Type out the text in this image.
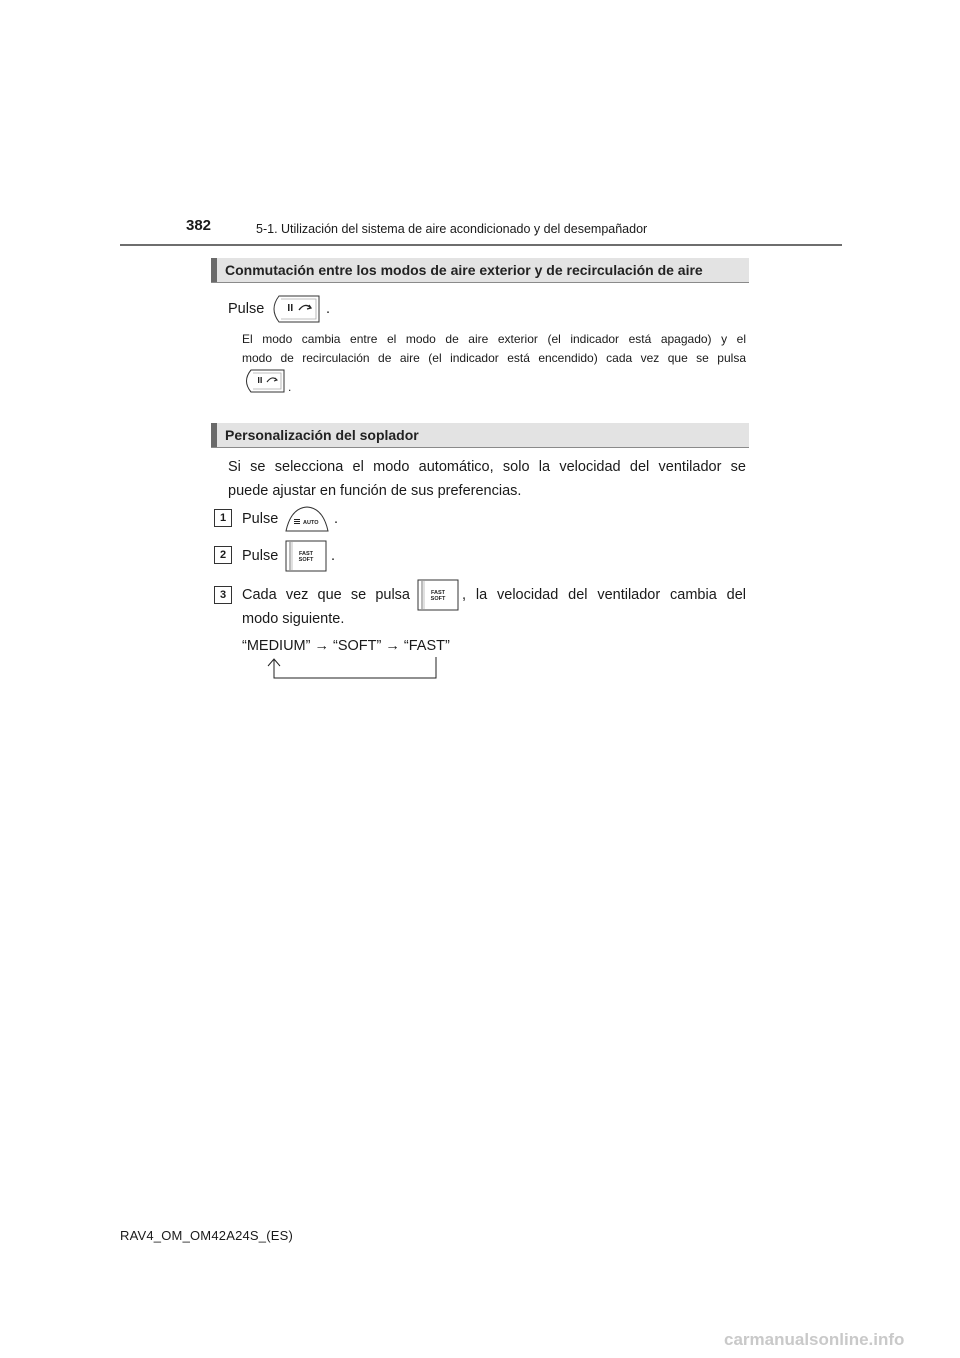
382	5-1. Utilización del sistema de aire acondicionado y del desempañador
Conmutación entre los modos de aire exterior y de recirculación de aire
Pulse	.
El modo cambia entre el modo de aire exterior (el indicador está apagado) y el
modo de recirculación de aire (el indicador está encendido) cada vez que se pulsa
.
Personalización del soplador
Si se selecciona el modo automático, solo la velocidad del ventilador se
puede ajustar en función de sus preferencias.
1	Pulse	AUTO .
2	Pulse	FAST
SOFT .
3	Cada vez que se pulsa	FAST
SOFT , la velocidad del ventilador cambia del
modo siguiente.
“MEDIUM” → “SOFT” → “FAST”
RAV4_OM_OM42A24S_(ES)
carmanualsonline.info
